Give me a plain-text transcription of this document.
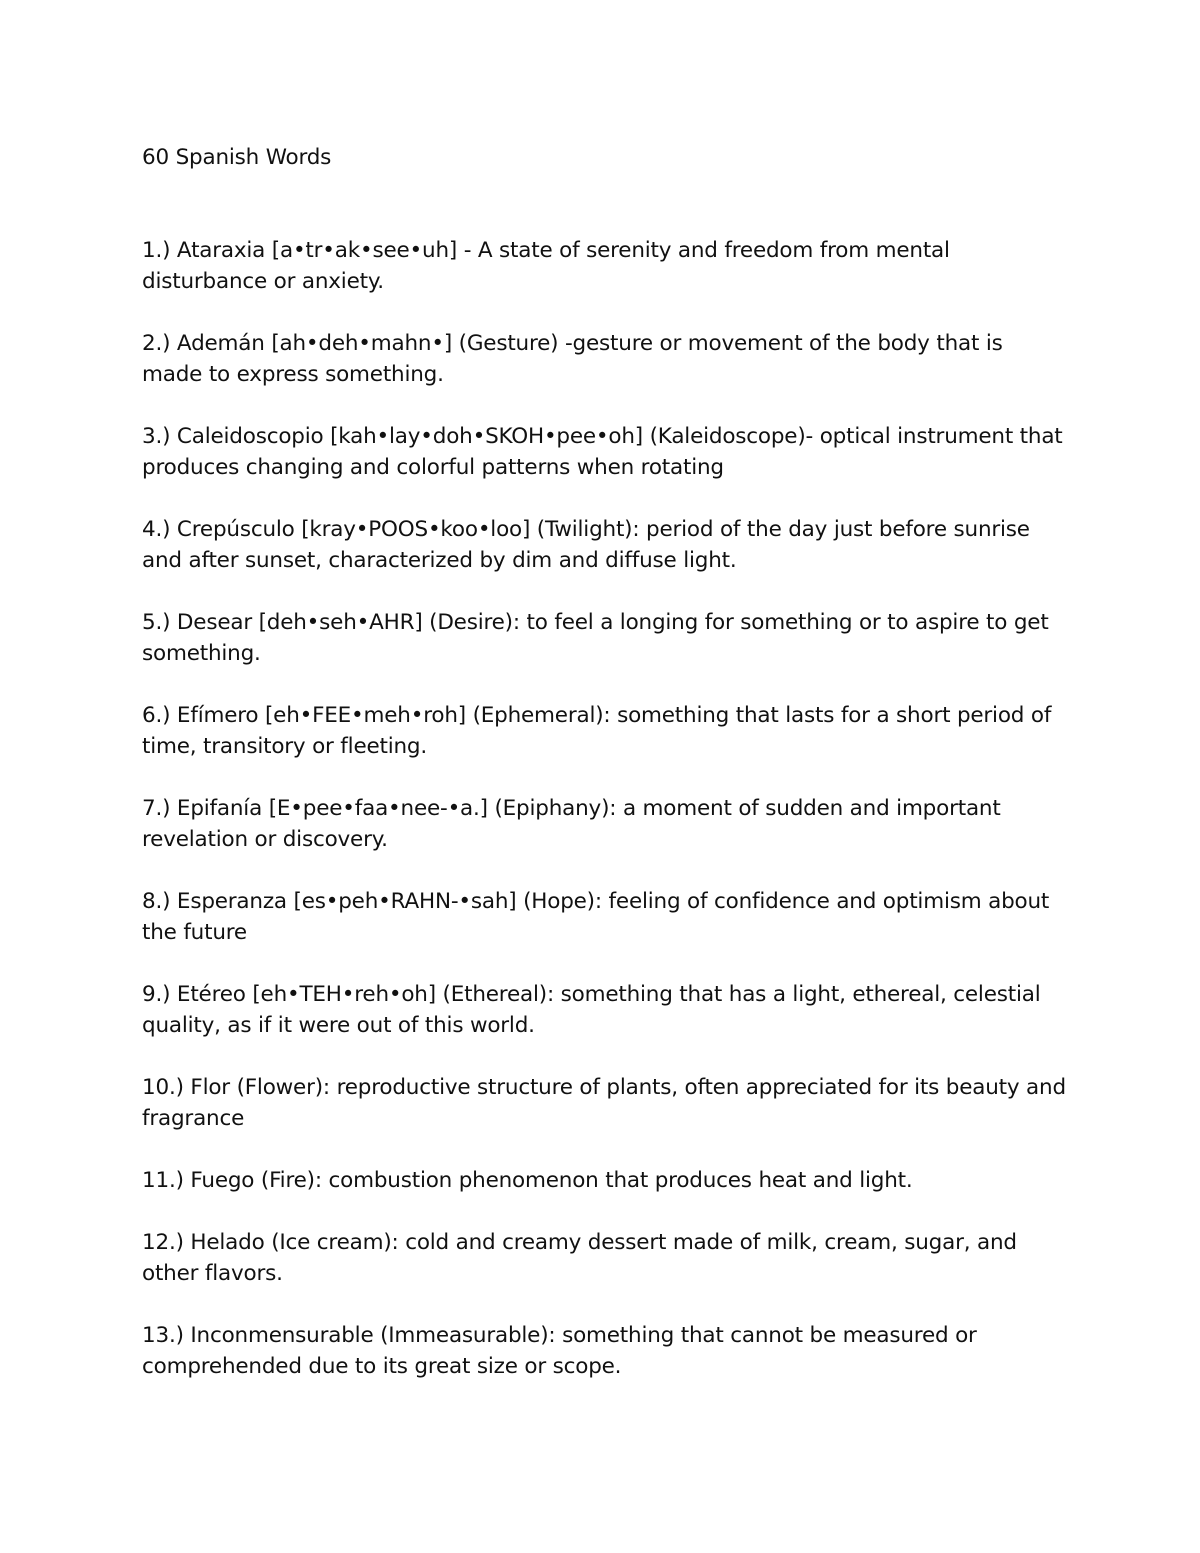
60 Spanish Words

1.) Ataraxia [a•tr•ak•see•uh] - A state of serenity and freedom from mental disturbance or anxiety.

2.) Ademán [ah•deh•mahn•] (Gesture) -gesture or movement of the body that is made to express something.

3.) Caleidoscopio [kah•lay•doh•SKOH•pee•oh] (Kaleidoscope)- optical instrument that produces changing and colorful patterns when rotating

4.) Crepúsculo [kray•POOS•koo•loo] (Twilight): period of the day just before sunrise and after sunset, characterized by dim and diffuse light.

5.) Desear [deh•seh•AHR] (Desire): to feel a longing for something or to aspire to get something.

6.) Efímero [eh•FEE•meh•roh] (Ephemeral): something that lasts for a short period of time, transitory or fleeting.

7.) Epifanía [E•pee•faa•nee-•a.] (Epiphany): a moment of sudden and important revelation or discovery.

8.) Esperanza [es•peh•RAHN-•sah] (Hope): feeling of confidence and optimism about the future

9.) Etéreo [eh•TEH•reh•oh] (Ethereal): something that has a light, ethereal, celestial quality, as if it were out of this world.

10.) Flor (Flower): reproductive structure of plants, often appreciated for its beauty and fragrance

11.) Fuego (Fire): combustion phenomenon that produces heat and light.

12.) Helado (Ice cream): cold and creamy dessert made of milk, cream, sugar, and other flavors.

13.) Inconmensurable (Immeasurable): something that cannot be measured or comprehended due to its great size or scope.
